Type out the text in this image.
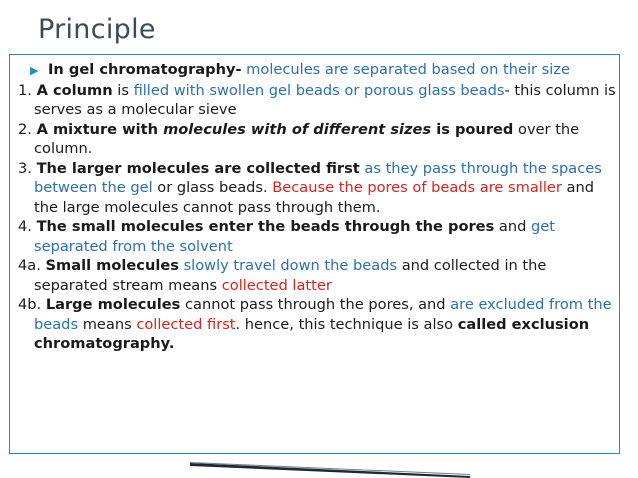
Principle
▶ In gel chromatography- molecules are separated based on their size
1. A column is filled with swollen gel beads or porous glass beads- this column is serves as a molecular sieve
2. A mixture with molecules with of different sizes is poured over the column.
3. The larger molecules are collected first as they pass through the spaces between the gel or glass beads. Because the pores of beads are smaller and the large molecules cannot pass through them.
4. The small molecules enter the beads through the pores and get separated from the solvent
4a. Small molecules slowly travel down the beads and collected in the separated stream means collected latter
4b. Large molecules cannot pass through the pores, and are excluded from the beads means collected first. hence, this technique is also called exclusion chromatography.
